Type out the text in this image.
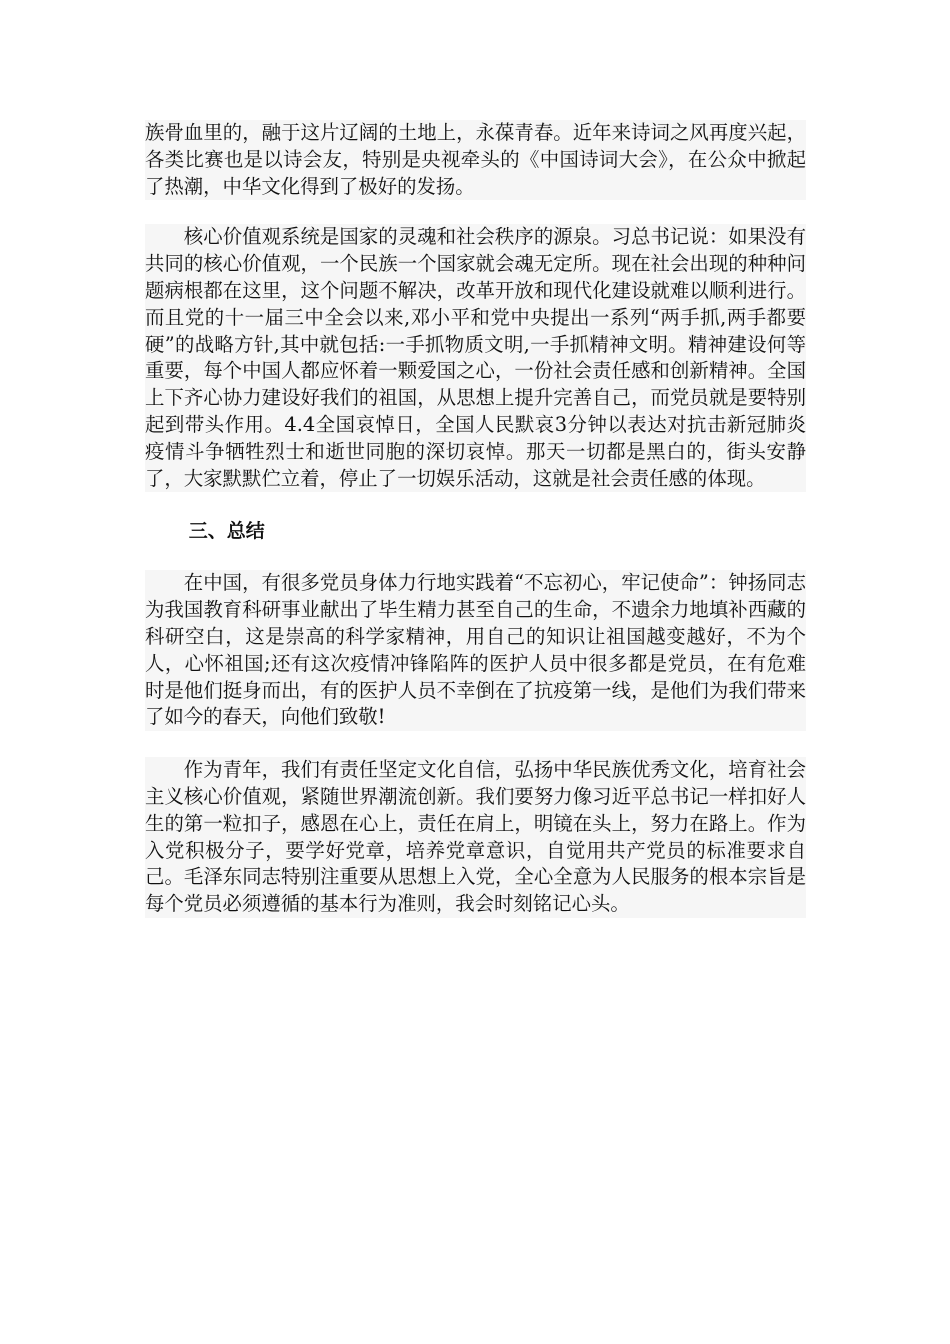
族骨血里的，融于这片辽阔的土地上，永葆青春。近年来诗词之风再度兴起，各类比赛也是以诗会友，特别是央视牵头的《中国诗词大会》，在公众中掀起了热潮，中华文化得到了极好的发扬。

核心价值观系统是国家的灵魂和社会秩序的源泉。习总书记说：如果没有共同的核心价值观，一个民族一个国家就会魂无定所。现在社会出现的种种问题病根都在这里，这个问题不解决，改革开放和现代化建设就难以顺利进行。而且党的十一届三中全会以来,邓小平和党中央提出一系列“两手抓,两手都要硬”的战略方针,其中就包括:一手抓物质文明,一手抓精神文明。精神建设何等重要，每个中国人都应怀着一颗爱国之心，一份社会责任感和创新精神。全国上下齐心协力建设好我们的祖国，从思想上提升完善自己，而党员就是要特别起到带头作用。4.4全国哀悼日，全国人民默哀3分钟以表达对抗击新冠肺炎疫情斗争牺牲烈士和逝世同胞的深切哀悼。那天一切都是黑白的，街头安静了，大家默默伫立着，停止了一切娱乐活动，这就是社会责任感的体现。

三、总结

在中国，有很多党员身体力行地实践着“不忘初心，牢记使命”：钟扬同志为我国教育科研事业献出了毕生精力甚至自己的生命，不遗余力地填补西藏的科研空白，这是崇高的科学家精神，用自己的知识让祖国越变越好，不为个人，心怀祖国;还有这次疫情冲锋陷阵的医护人员中很多都是党员，在有危难时是他们挺身而出，有的医护人员不幸倒在了抗疫第一线，是他们为我们带来了如今的春天，向他们致敬!

作为青年，我们有责任坚定文化自信，弘扬中华民族优秀文化，培育社会主义核心价值观，紧随世界潮流创新。我们要努力像习近平总书记一样扣好人生的第一粒扣子，感恩在心上，责任在肩上，明镜在头上，努力在路上。作为入党积极分子，要学好党章，培养党章意识，自觉用共产党员的标准要求自己。毛泽东同志特别注重要从思想上入党，全心全意为人民服务的根本宗旨是每个党员必须遵循的基本行为准则，我会时刻铭记心头。
